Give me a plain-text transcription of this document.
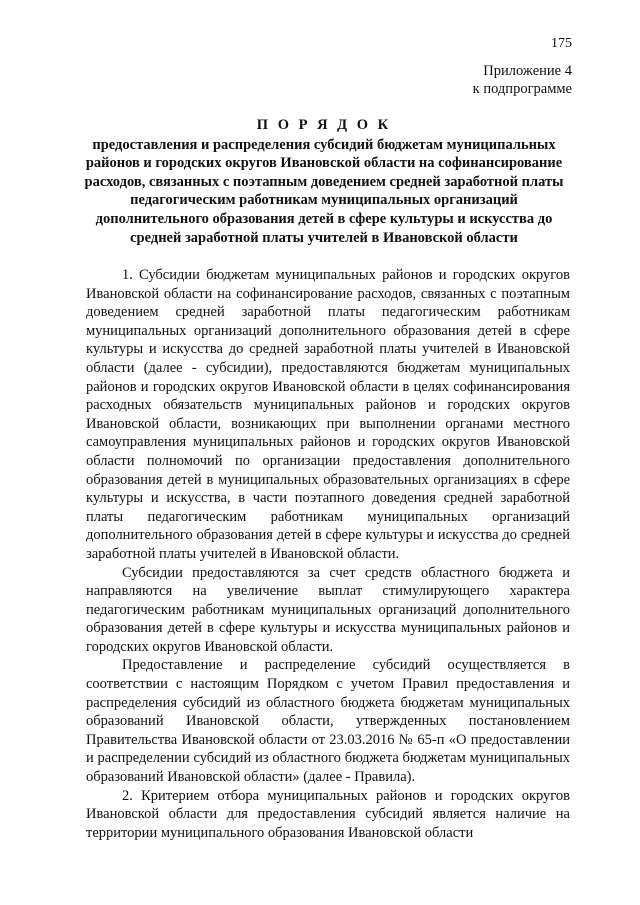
175
Приложение 4
к подпрограмме
П О Р Я Д О К
предоставления и распределения субсидий бюджетам муниципальных районов и городских округов Ивановской области на софинансирование расходов, связанных с поэтапным доведением средней заработной платы педагогическим работникам муниципальных организаций дополнительного образования детей в сфере культуры и искусства до средней заработной платы учителей в Ивановской области

1. Субсидии бюджетам муниципальных районов и городских округов Ивановской области на софинансирование расходов, связанных с поэтапным доведением средней заработной платы педагогическим работникам муниципальных организаций дополнительного образования детей в сфере культуры и искусства до средней заработной платы учителей в Ивановской области (далее - субсидии), предоставляются бюджетам муниципальных районов и городских округов Ивановской области в целях софинансирования расходных обязательств муниципальных районов и городских округов Ивановской области, возникающих при выполнении органами местного самоуправления муниципальных районов и городских округов Ивановской области полномочий по организации предоставления дополнительного образования детей в муниципальных образовательных организациях в сфере культуры и искусства, в части поэтапного доведения средней заработной платы педагогическим работникам муниципальных организаций дополнительного образования детей в сфере культуры и искусства до средней заработной платы учителей в Ивановской области.

Субсидии предоставляются за счет средств областного бюджета и направляются на увеличение выплат стимулирующего характера педагогическим работникам муниципальных организаций дополнительного образования детей в сфере культуры и искусства муниципальных районов и городских округов Ивановской области.

Предоставление и распределение субсидий осуществляется в соответствии с настоящим Порядком с учетом Правил предоставления и распределения субсидий из областного бюджета бюджетам муниципальных образований Ивановской области, утвержденных постановлением Правительства Ивановской области от 23.03.2016 № 65-п «О предоставлении и распределении субсидий из областного бюджета бюджетам муниципальных образований Ивановской области» (далее - Правила).

2. Критерием отбора муниципальных районов и городских округов Ивановской области для предоставления субсидий является наличие на территории муниципального образования Ивановской области
